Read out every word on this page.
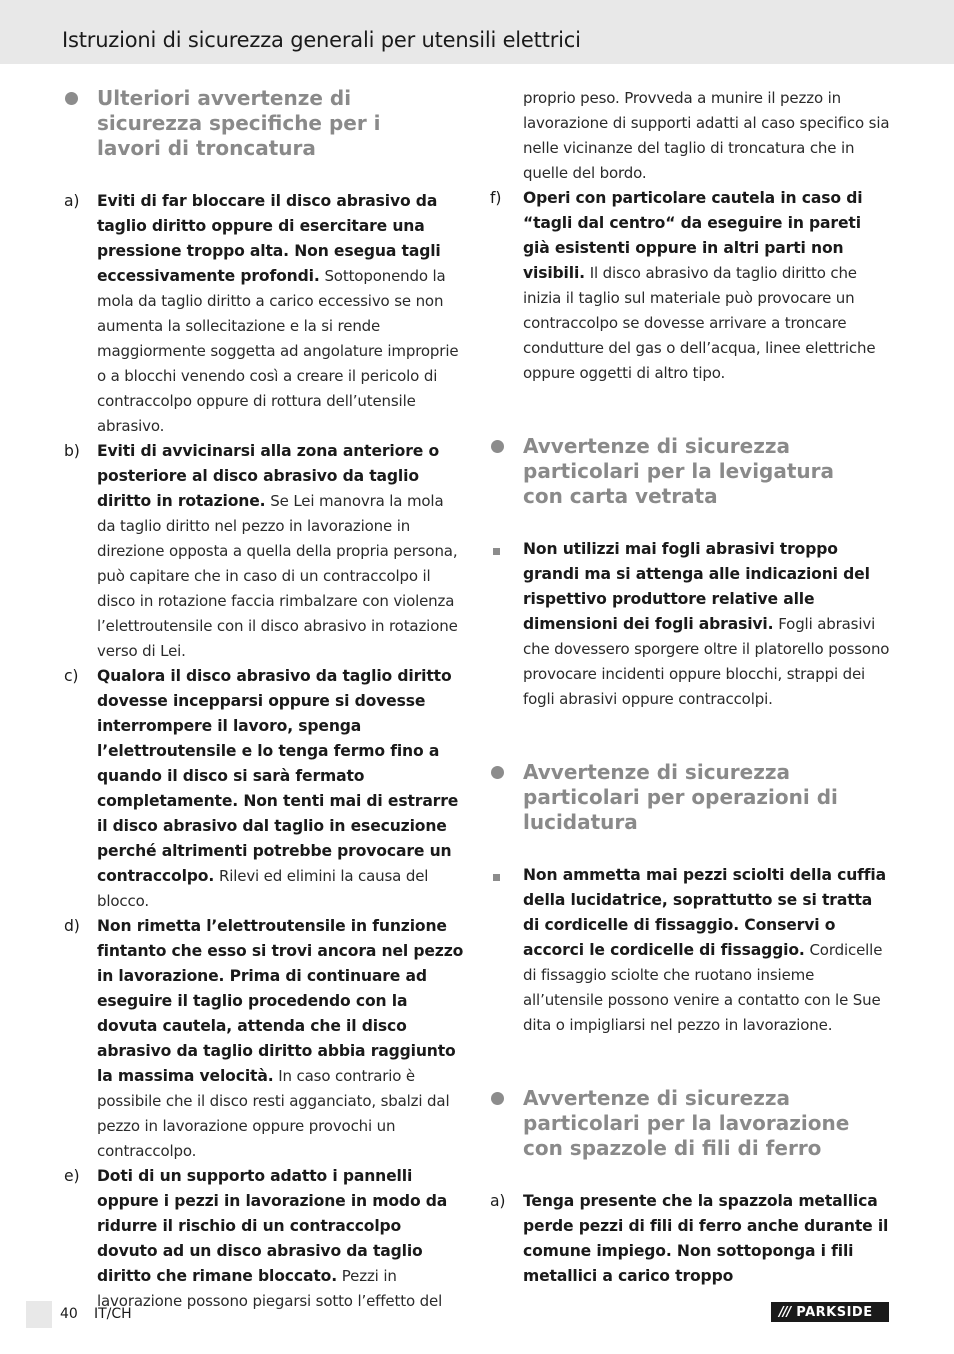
Istruzioni di sicurezza generali per utensili elettrici
Ulteriori avvertenze di sicurezza specifiche per i lavori di troncatura
a) Eviti di far bloccare il disco abrasivo da taglio diritto oppure di esercitare una pressione troppo alta. Non esegua tagli eccessivamente profondi. Sottoponendo la mola da taglio diritto a carico eccessivo se non aumenta la sollecitazione e la si rende maggiormente soggetta ad angolature improprie o a blocchi venendo così a creare il pericolo di contraccolpo oppure di rottura dell’utensile abrasivo.
b) Eviti di avvicinarsi alla zona anteriore o posteriore al disco abrasivo da taglio diritto in rotazione. Se Lei manovra la mola da taglio diritto nel pezzo in lavorazione in direzione opposta a quella della propria persona, può capitare che in caso di un contraccolpo il disco in rotazione faccia rimbalzare con violenza l’elettroutensile con il disco abrasivo in rotazione verso di Lei.
c) Qualora il disco abrasivo da taglio diritto dovesse incepparsi oppure si dovesse interrompere il lavoro, spenga l’elettroutensile e lo tenga fermo fino a quando il disco si sarà fermato completamente. Non tenti mai di estrarre il disco abrasivo dal taglio in esecuzione perché altrimenti potrebbe provocare un contraccolpo. Rilevi ed elimini la causa del blocco.
d) Non rimetta l’elettroutensile in funzione fintanto che esso si trovi ancora nel pezzo in lavorazione. Prima di continuare ad eseguire il taglio procedendo con la dovuta cautela, attenda che il disco abrasivo da taglio diritto abbia raggiunto la massima velocità. In caso contrario è possibile che il disco resti agganciato, sbalzi dal pezzo in lavorazione oppure provochi un contraccolpo.
e) Doti di un supporto adatto i pannelli oppure i pezzi in lavorazione in modo da ridurre il rischio di un contraccolpo dovuto ad un disco abrasivo da taglio diritto che rimane bloccato. Pezzi in lavorazione possono piegarsi sotto l’effetto del
proprio peso. Provveda a munire il pezzo in lavorazione di supporti adatti al caso specifico sia nelle vicinanze del taglio di troncatura che in quelle del bordo.
f) Operi con particolare cautela in caso di “tagli dal centro“ da eseguire in pareti già esistenti oppure in altri parti non visibili. Il disco abrasivo da taglio diritto che inizia il taglio sul materiale può provocare un contraccolpo se dovesse arrivare a troncare condutture del gas o dell’acqua, linee elettriche oppure oggetti di altro tipo.
Avvertenze di sicurezza particolari per la levigatura con carta vetrata
Non utilizzi mai fogli abrasivi troppo grandi ma si attenga alle indicazioni del rispettivo produttore relative alle dimensioni dei fogli abrasivi. Fogli abrasivi che dovessero sporgere oltre il platorello possono provocare incidenti oppure blocchi, strappi dei fogli abrasivi oppure contraccolpi.
Avvertenze di sicurezza particolari per operazioni di lucidatura
Non ammetta mai pezzi sciolti della cuffia della lucidatrice, soprattutto se si tratta di cordicelle di fissaggio. Conservi o accorci le cordicelle di fissaggio. Cordicelle di fissaggio sciolte che ruotano insieme all’utensile possono venire a contatto con le Sue dita o impigliarsi nel pezzo in lavorazione.
Avvertenze di sicurezza particolari per la lavorazione con spazzole di fili di ferro
a) Tenga presente che la spazzola metallica perde pezzi di fili di ferro anche durante il comune impiego. Non sottoponga i fili metallici a carico troppo
40 IT/CH	/// PARKSIDE
